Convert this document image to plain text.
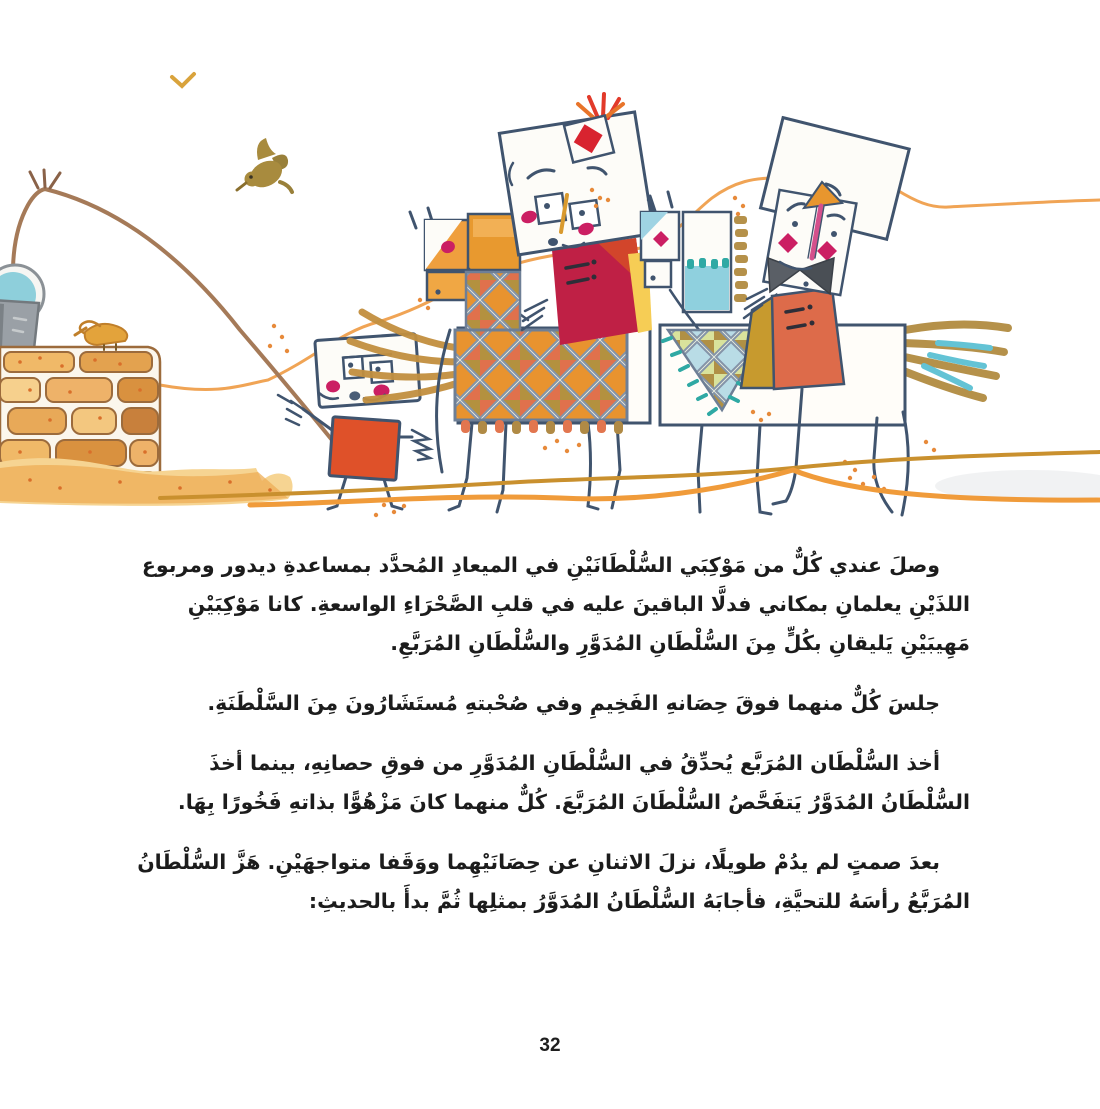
وصلَ عندي كُلٌّ من مَوْكِبَي السُّلْطَانَيْنِ في الميعادِ المُحدَّد بمساعدةِ ديدور ومربوع اللذَيْنِ يعلمانِ بمكاني فدلَّا الباقينَ عليه في قلبِ الصَّحْرَاءِ الواسعةِ. كانا مَوْكِبَيْنِ مَهِيبَيْنِ يَليقانِ بكُلٍّ مِنَ السُّلْطَانِ المُدَوَّرِ والسُّلْطَانِ المُرَبَّعِ.

جلسَ كُلٌّ منهما فوقَ حِصَانهِ الفَخِيمِ وفي صُحْبتهِ مُستَشَارُونَ مِنَ السَّلْطَنَةِ.

أخذ السُّلْطَان المُرَبَّع يُحدِّقُ في السُّلْطَانِ المُدَوَّرِ من فوقِ حصانِهِ، بينما أخذَ السُّلْطَانُ المُدَوَّرُ يَتفَحَّصُ السُّلْطَانَ المُرَبَّعَ. كُلٌّ منهما كانَ مَزْهُوًّا بذاتهِ فَخُورًا بِهَا.

بعدَ صمتٍ لم يدُمْ طويلًا، نزلَ الاثنانِ عن حِصَانَيْهِما ووَقَفا متواجهَيْنِ. هَزَّ السُّلْطَانُ المُرَبَّعُ رأسَهُ للتحيَّةِ، فأجابَهُ السُّلْطَانُ المُدَوَّرُ بمثلِها ثُمَّ بدأَ بالحديثِ:

32
